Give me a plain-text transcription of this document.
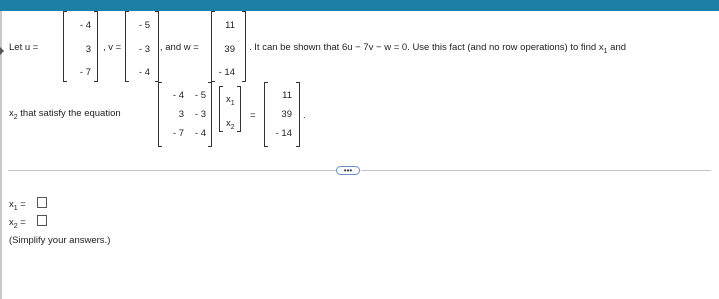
Let u =
- 4
3
- 7
, v =
- 5
- 3
- 4
, and w =
11
39
- 14
. It can be shown that 6u − 7v − w = 0. Use this fact (and no row operations) to find $x_1$ and
$x_2$ that satisfy the equation
- 4	- 5
3	- 3
- 7	- 4
$x_1$
$x_2$
=
11
39
- 14
.
•••
$x_1$ =
$x_2$ =
(Simplify your answers.)
